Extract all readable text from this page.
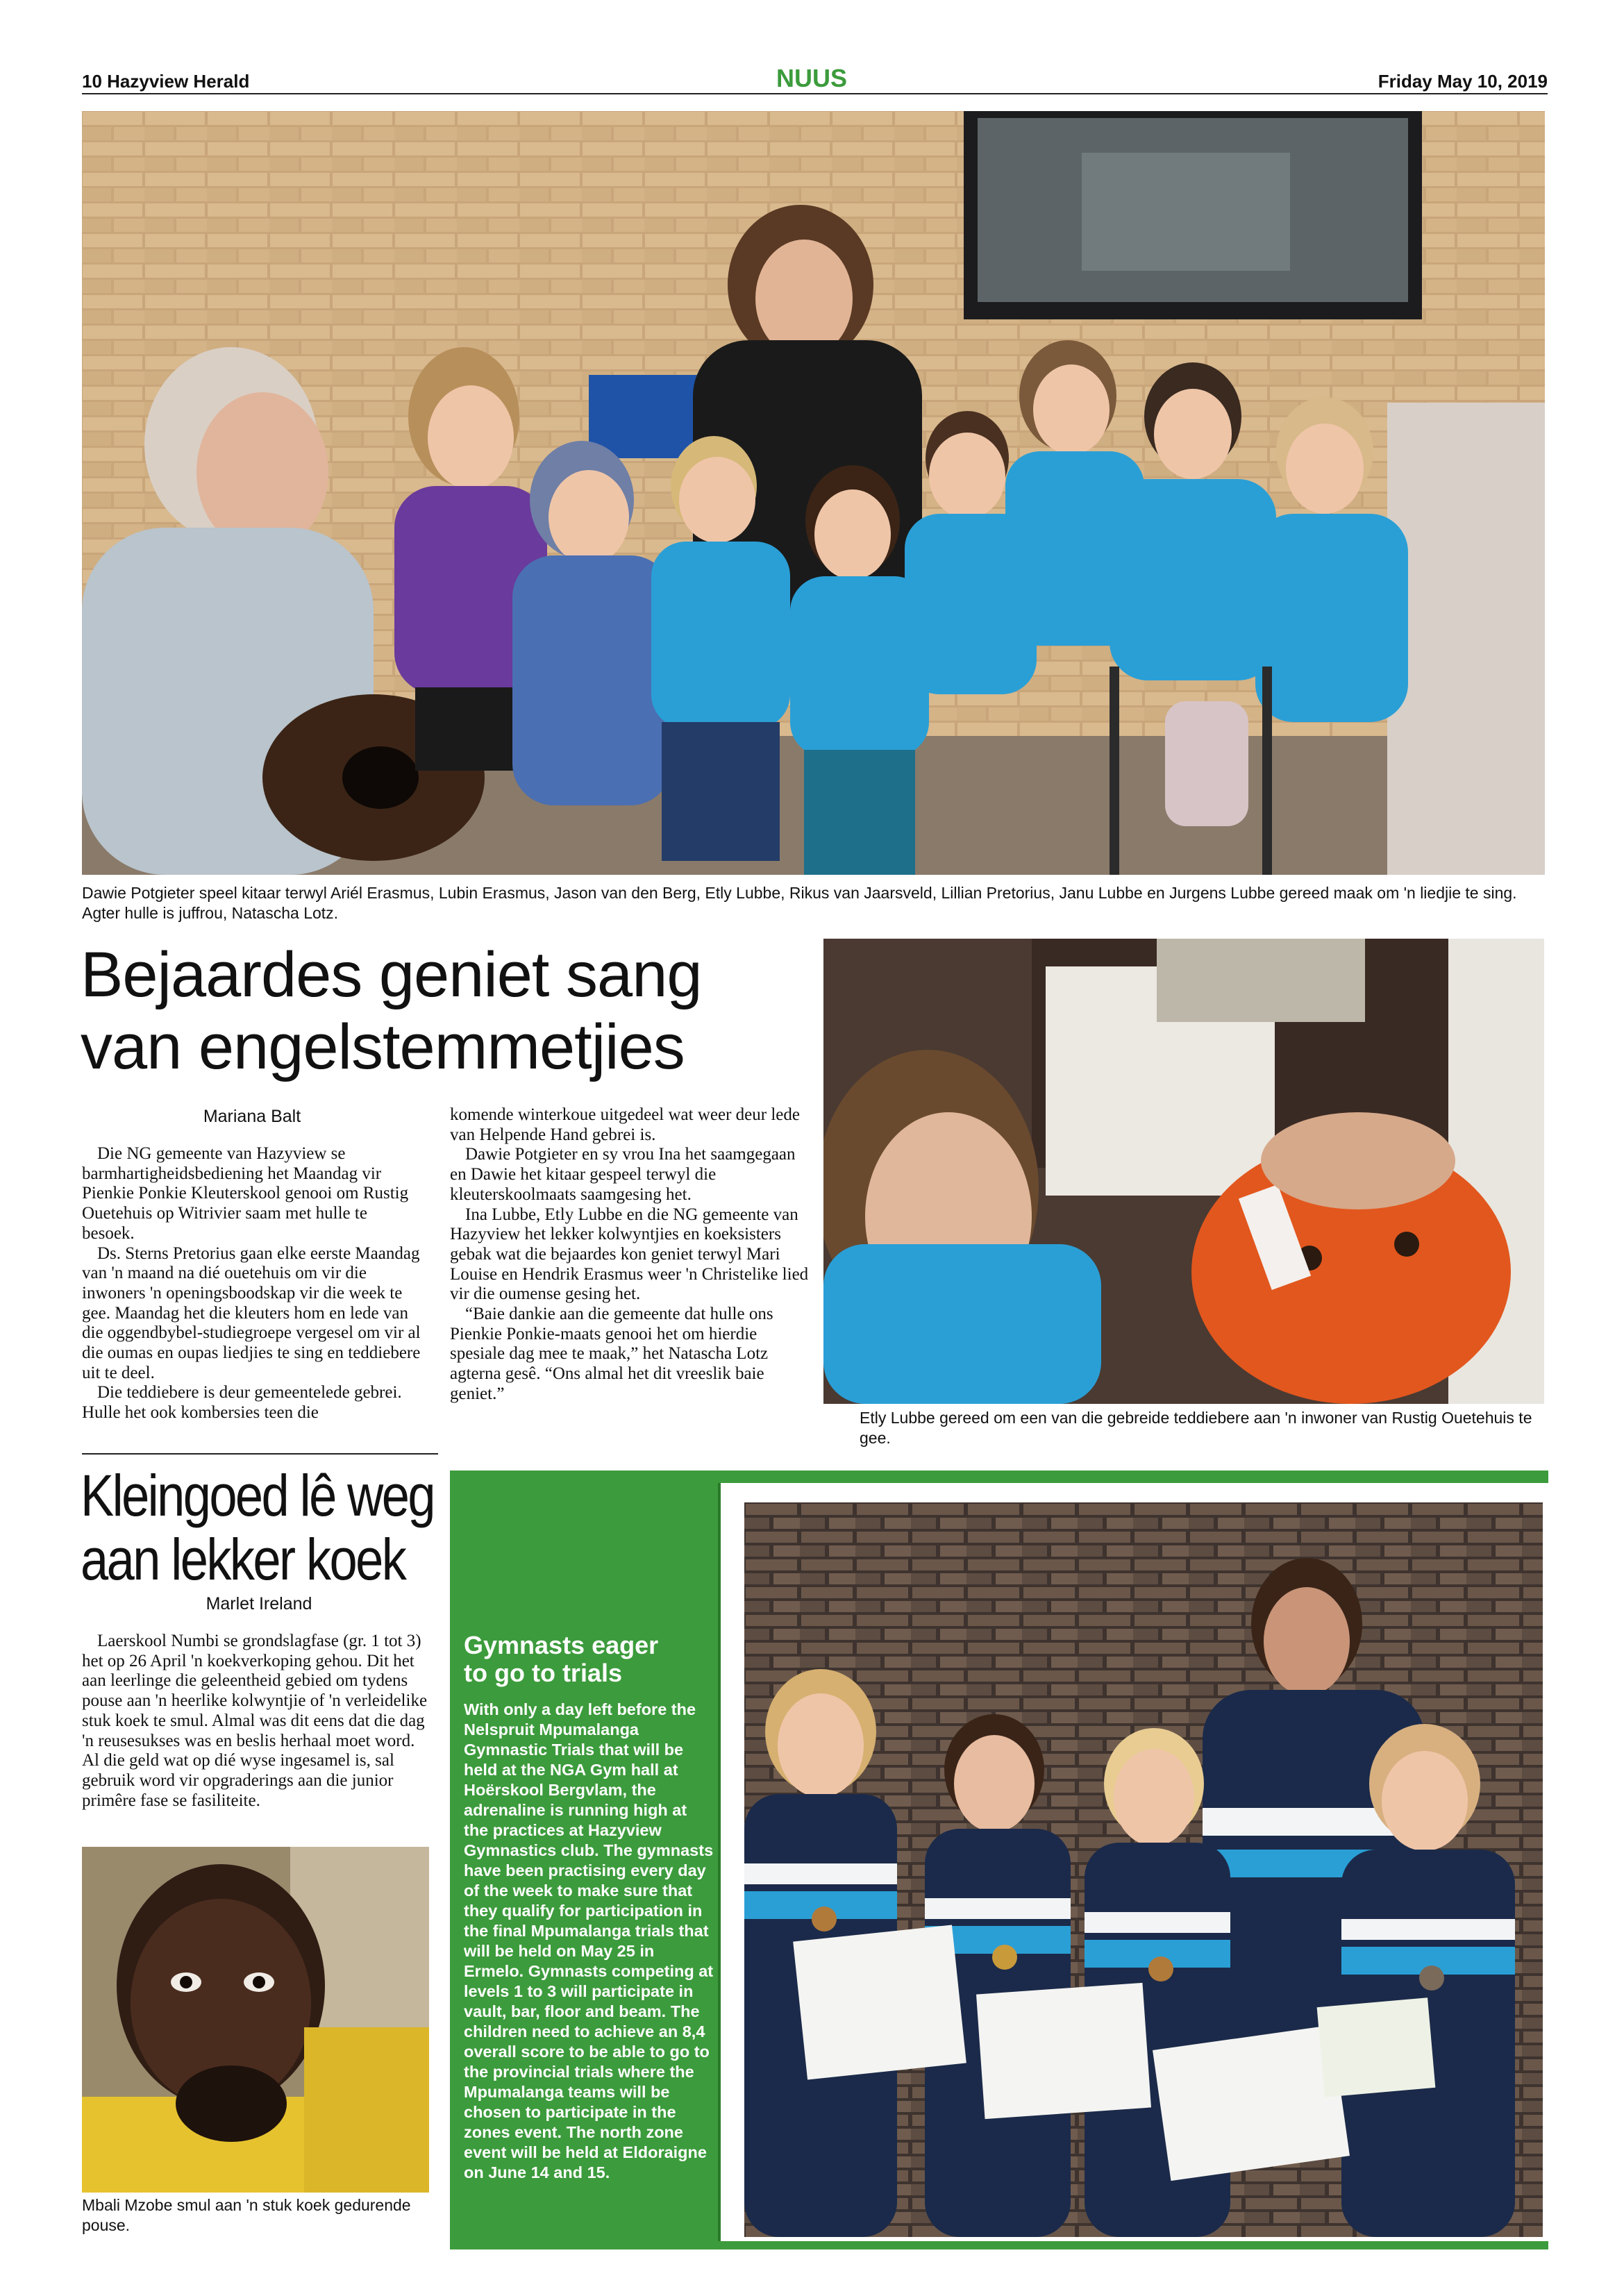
10 Hazyview Herald	NUUS	Friday May 10, 2019
Dawie Potgieter speel kitaar terwyl Ariél Erasmus, Lubin Erasmus, Jason van den Berg, Etly Lubbe, Rikus van Jaarsveld, Lillian Pretorius, Janu Lubbe en Jurgens Lubbe gereed maak om 'n liedjie te sing. Agter hulle is juffrou, Natascha Lotz.
Bejaardes geniet sang
van engelstemmetjies
Mariana Balt

Die NG gemeente van Hazyview se barmhartigheidsbediening het Maandag vir Pienkie Ponkie Kleuterskool genooi om Rustig Ouetehuis op Witrivier saam met hulle te besoek.

Ds. Sterns Pretorius gaan elke eerste Maandag van 'n maand na dié ouetehuis om vir die inwoners 'n openingsboodskap vir die week te gee. Maandag het die kleuters hom en lede van die oggendbybel-studiegroepe vergesel om vir al die oumas en oupas liedjies te sing en teddiebere uit te deel.

Die teddiebere is deur gemeentelede gebrei. Hulle het ook kombersies teen die

komende winterkoue uitgedeel wat weer deur lede van Helpende Hand gebrei is.

Dawie Potgieter en sy vrou Ina het saamgegaan en Dawie het kitaar gespeel terwyl die kleuterskoolmaats saamgesing het.

Ina Lubbe, Etly Lubbe en die NG gemeente van Hazyview het lekker kolwyntjies en koeksisters gebak wat die bejaardes kon geniet terwyl Mari Louise en Hendrik Erasmus weer 'n Christelike lied vir die oumense gesing het.

“Baie dankie aan die gemeente dat hulle ons Pienkie Ponkie-maats genooi het om hierdie spesiale dag mee te maak,” het Natascha Lotz agterna gesê. “Ons almal het dit vreeslik baie geniet.”

Etly Lubbe gereed om een van die gebreide teddiebere aan 'n inwoner van Rustig Ouetehuis te gee.
Kleingoed lê weg
aan lekker koek
Marlet Ireland

Laerskool Numbi se grondslagfase (gr. 1 tot 3) het op 26 April 'n koekverkoping gehou. Dit het aan leerlinge die geleentheid gebied om tydens pouse aan 'n heerlike kolwyntjie of 'n verleidelike stuk koek te smul. Almal was dit eens dat die dag 'n reusesukses was en beslis herhaal moet word. Al die geld wat op dié wyse ingesamel is, sal gebruik word vir opgraderings aan die junior primêre fase se fasiliteite.

Mbali Mzobe smul aan 'n stuk koek gedurende pouse.
Gymnasts eager
to go to trials
With only a day left before the Nelspruit Mpumalanga Gymnastic Trials that will be held at the NGA Gym hall at Hoërskool Bergvlam, the adrenaline is running high at the practices at Hazyview Gymnastics club. The gymnasts have been practising every day of the week to make sure that they qualify for participation in the final Mpumalanga trials that will be held on May 25 in Ermelo. Gymnasts competing at levels 1 to 3 will participate in vault, bar, floor and beam. The children need to achieve an 8,4 overall score to be able to go to the provincial trials where the Mpumalanga teams will be chosen to participate in the zones event. The north zone event will be held at Eldoraigne on June 14 and 15.
